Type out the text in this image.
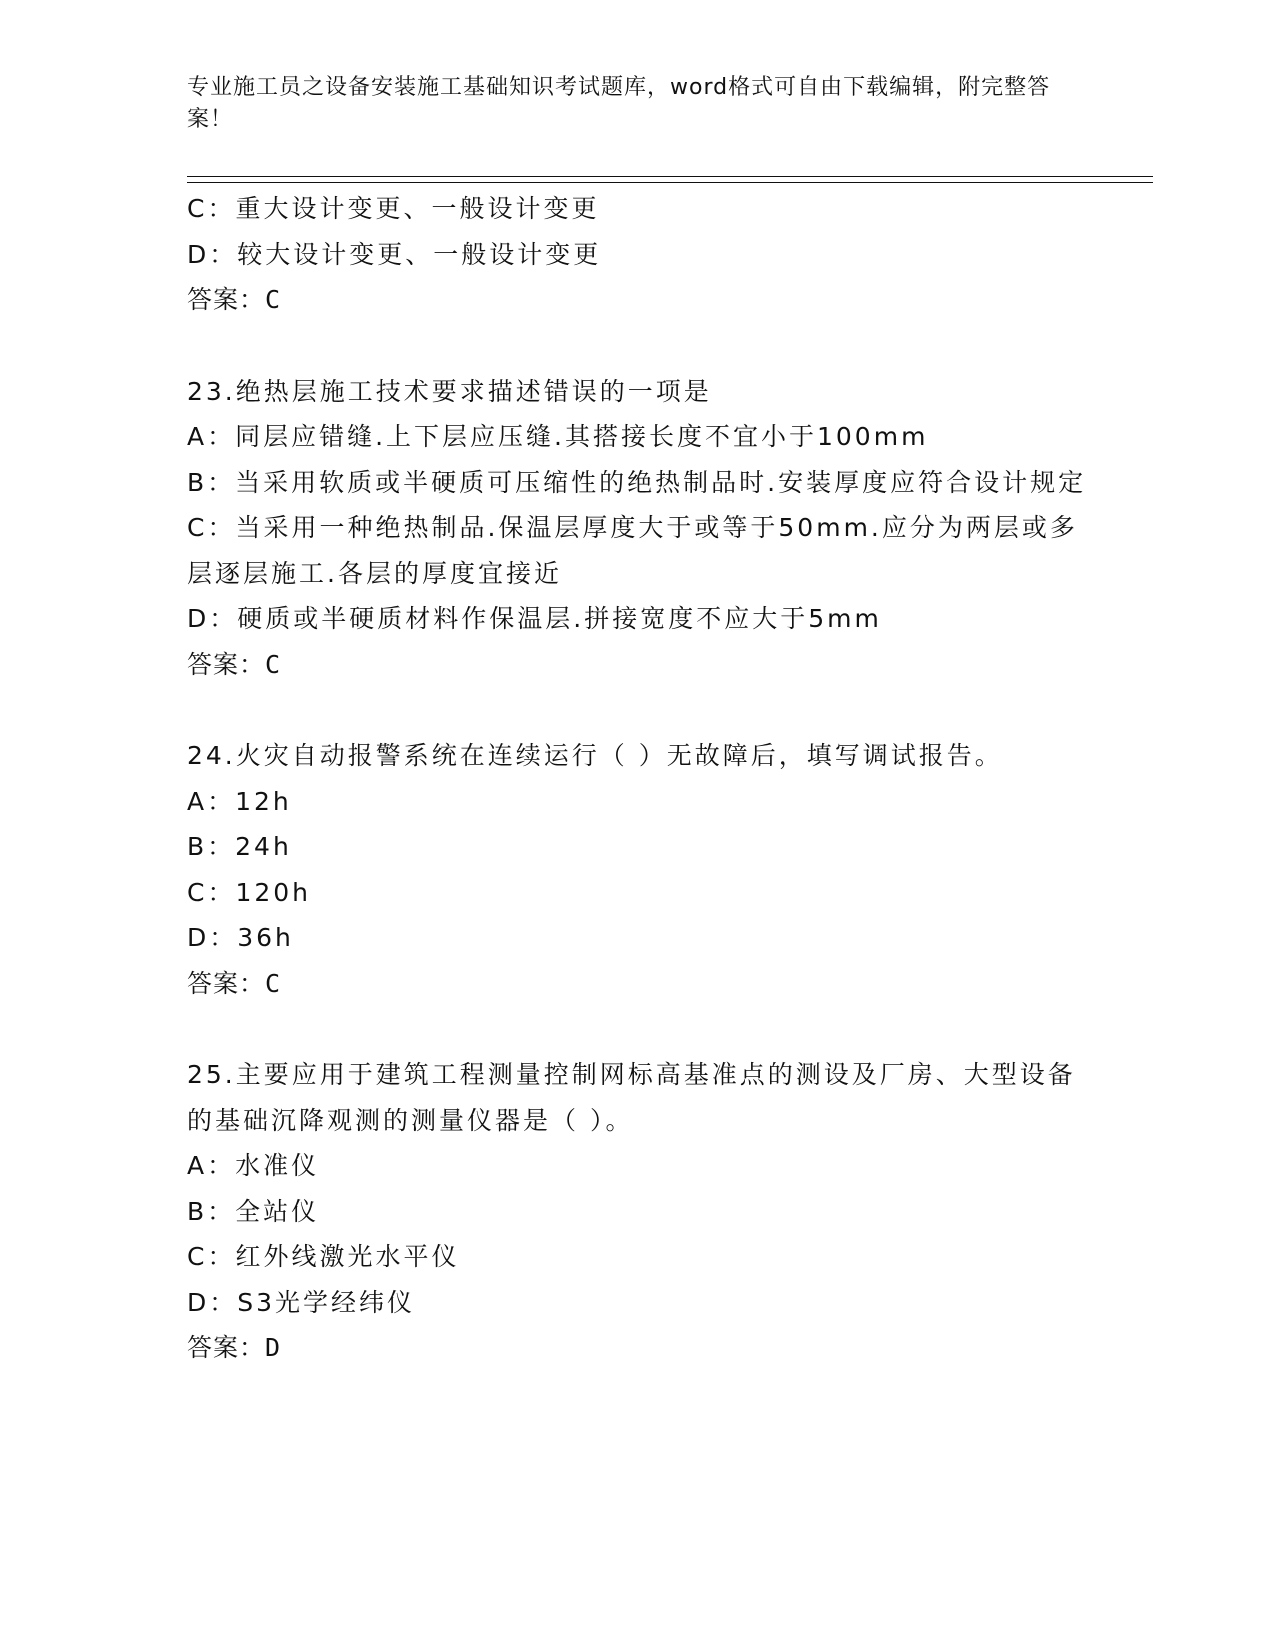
专业施工员之设备安装施工基础知识考试题库，word格式可自由下载编辑，附完整答案！
C：重大设计变更、一般设计变更
D：较大设计变更、一般设计变更
答案：C
23.绝热层施工技术要求描述错误的一项是
A：同层应错缝.上下层应压缝.其搭接长度不宜小于100mm
B：当采用软质或半硬质可压缩性的绝热制品时.安装厚度应符合设计规定
C：当采用一种绝热制品.保温层厚度大于或等于50mm.应分为两层或多层逐层施工.各层的厚度宜接近
D：硬质或半硬质材料作保温层.拼接宽度不应大于5mm
答案：C
24.火灾自动报警系统在连续运行（ ）无故障后，填写调试报告。
A：12h
B：24h
C：120h
D：36h
答案：C
25.主要应用于建筑工程测量控制网标高基准点的测设及厂房、大型设备的基础沉降观测的测量仪器是（ ）。
A：水准仪
B：全站仪
C：红外线激光水平仪
D：S3光学经纬仪
答案：D
